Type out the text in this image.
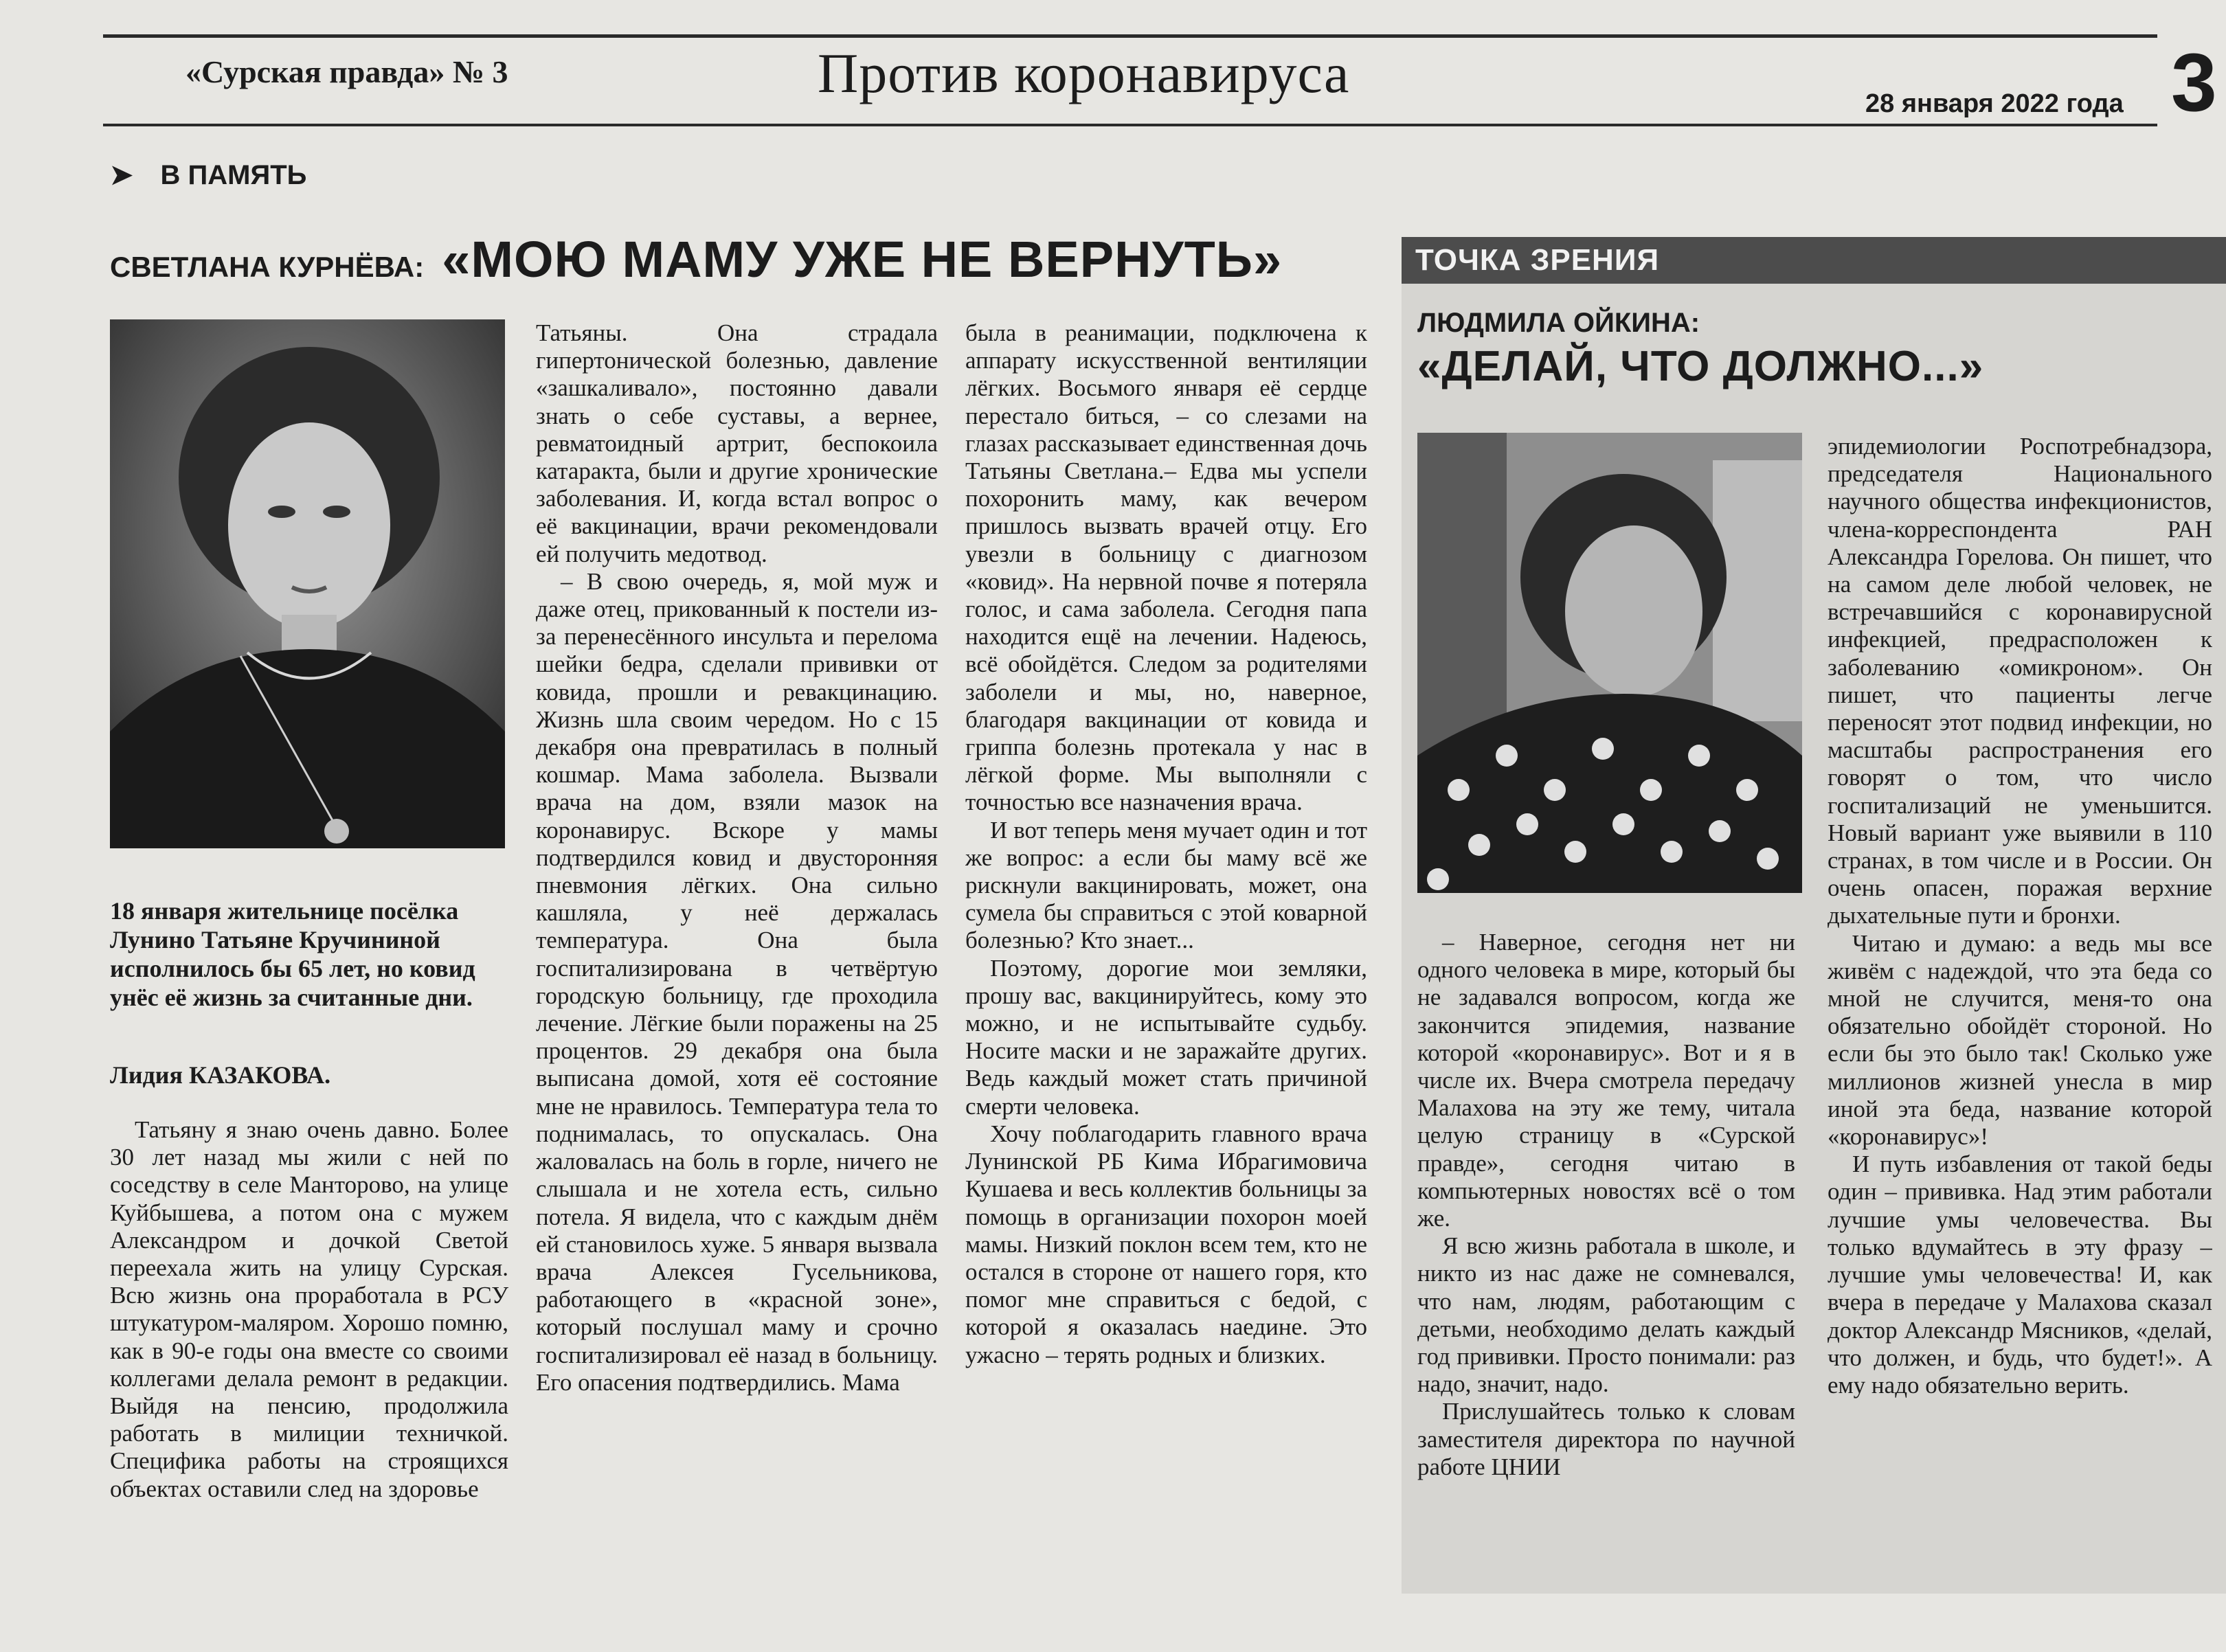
«Сурская правда» № 3	Против коронавируса	28 января 2022 года 3
➤ В ПАМЯТЬ
СВЕТЛАНА КУРНЁВА: «МОЮ МАМУ УЖЕ НЕ ВЕРНУТЬ»
18 января жительнице посёлка Лунино Татьяне Кручининой исполнилось бы 65 лет, но ковид унёс её жизнь за считанные дни.
Лидия КАЗАКОВА.

Татьяну я знаю очень давно. Более 30 лет назад мы жили с ней по соседству в селе Манторово, на улице Куйбышева, а потом она с мужем Александром и дочкой Светой переехала жить на улицу Сурская. Всю жизнь она проработала в РСУ штукатуром-маляром. Хорошо помню, как в 90-е годы она вместе со своими коллегами делала ремонт в редакции. Выйдя на пенсию, продолжила работать в милиции техничкой. Специфика работы на строящихся объектах оставили след на здоровье

Татьяны. Она страдала гипертонической болезнью, давление «зашкаливало», постоянно давали знать о себе суставы, а вернее, ревматоидный артрит, беспокоила катаракта, были и другие хронические заболевания. И, когда встал вопрос о её вакцинации, врачи рекомендовали ей получить медотвод.

– В свою очередь, я, мой муж и даже отец, прикованный к постели из-за перенесённого инсульта и перелома шейки бедра, сделали прививки от ковида, прошли и ревакцинацию. Жизнь шла своим чередом. Но с 15 декабря она превратилась в полный кошмар. Мама заболела. Вызвали врача на дом, взяли мазок на коронавирус. Вскоре у мамы подтвердился ковид и двусторонняя пневмония лёгких. Она сильно кашляла, у неё держалась температура. Она была госпитализирована в четвёртую городскую больницу, где проходила лечение. Лёгкие были поражены на 25 процентов. 29 декабря она была выписана домой, хотя её состояние мне не нравилось. Температура тела то поднималась, то опускалась. Она жаловалась на боль в горле, ничего не слышала и не хотела есть, сильно потела. Я видела, что с каждым днём ей становилось хуже. 5 января вызвала врача Алексея Гусельникова, работающего в «красной зоне», который послушал маму и срочно госпитализировал её назад в больницу. Его опасения подтвердились. Мама

была в реанимации, подключена к аппарату искусственной вентиляции лёгких. Восьмого января её сердце перестало биться, – со слезами на глазах рассказывает единственная дочь Татьяны Светлана.– Едва мы успели похоронить маму, как вечером пришлось вызвать врачей отцу. Его увезли в больницу с диагнозом «ковид». На нервной почве я потеряла голос, и сама заболела. Сегодня папа находится ещё на лечении. Надеюсь, всё обойдётся. Следом за родителями заболели и мы, но, наверное, благодаря вакцинации от ковида и гриппа болезнь протекала у нас в лёгкой форме. Мы выполняли с точностью все назначения врача.

И вот теперь меня мучает один и тот же вопрос: а если бы маму всё же рискнули вакцинировать, может, она сумела бы справиться с этой коварной болезнью? Кто знает...

Поэтому, дорогие мои земляки, прошу вас, вакцинируйтесь, кому это можно, и не испытывайте судьбу. Носите маски и не заражайте других. Ведь каждый может стать причиной смерти человека.

Хочу поблагодарить главного врача Лунинской РБ Кима Ибрагимовича Кушаева и весь коллектив больницы за помощь в организации похорон моей мамы. Низкий поклон всем тем, кто не остался в стороне от нашего горя, кто помог мне справиться с бедой, с которой я оказалась наедине. Это ужасно – терять родных и близких.

ТОЧКА ЗРЕНИЯ
ЛЮДМИЛА ОЙКИНА:
«ДЕЛАЙ, ЧТО ДОЛЖНО...»

– Наверное, сегодня нет ни одного человека в мире, который бы не задавался вопросом, когда же закончится эпидемия, название которой «коронавирус». Вот и я в числе их. Вчера смотрела передачу Малахова на эту же тему, читала целую страницу в «Сурской правде», сегодня читаю в компьютерных новостях всё о том же.

Я всю жизнь работала в школе, и никто из нас даже не сомневался, что нам, людям, работающим с детьми, необходимо делать каждый год прививки. Просто понимали: раз надо, значит, надо.

Прислушайтесь только к словам заместителя директора по научной работе ЦНИИ

эпидемиологии Роспотребнадзора, председателя Национального научного общества инфекционистов, члена-корреспондента РАН Александра Горелова. Он пишет, что на самом деле любой человек, не встречавшийся с коронавирусной инфекцией, предрасположен к заболеванию «омикроном». Он пишет, что пациенты легче переносят этот подвид инфекции, но масштабы распространения его говорят о том, что число госпитализаций не уменьшится. Новый вариант уже выявили в 110 странах, в том числе и в России. Он очень опасен, поражая верхние дыхательные пути и бронхи.

Читаю и думаю: а ведь мы все живём с надеждой, что эта беда со мной не случится, меня-то она обязательно обойдёт стороной. Но если бы это было так! Сколько уже миллионов жизней унесла в мир иной эта беда, название которой «коронавирус»!

И путь избавления от такой беды один – прививка. Над этим работали лучшие умы человечества. Вы только вдумайтесь в эту фразу – лучшие умы человечества! И, как вчера в передаче у Малахова сказал доктор Александр Мясников, «делай, что должен, и будь, что будет!». А ему надо обязательно верить.
